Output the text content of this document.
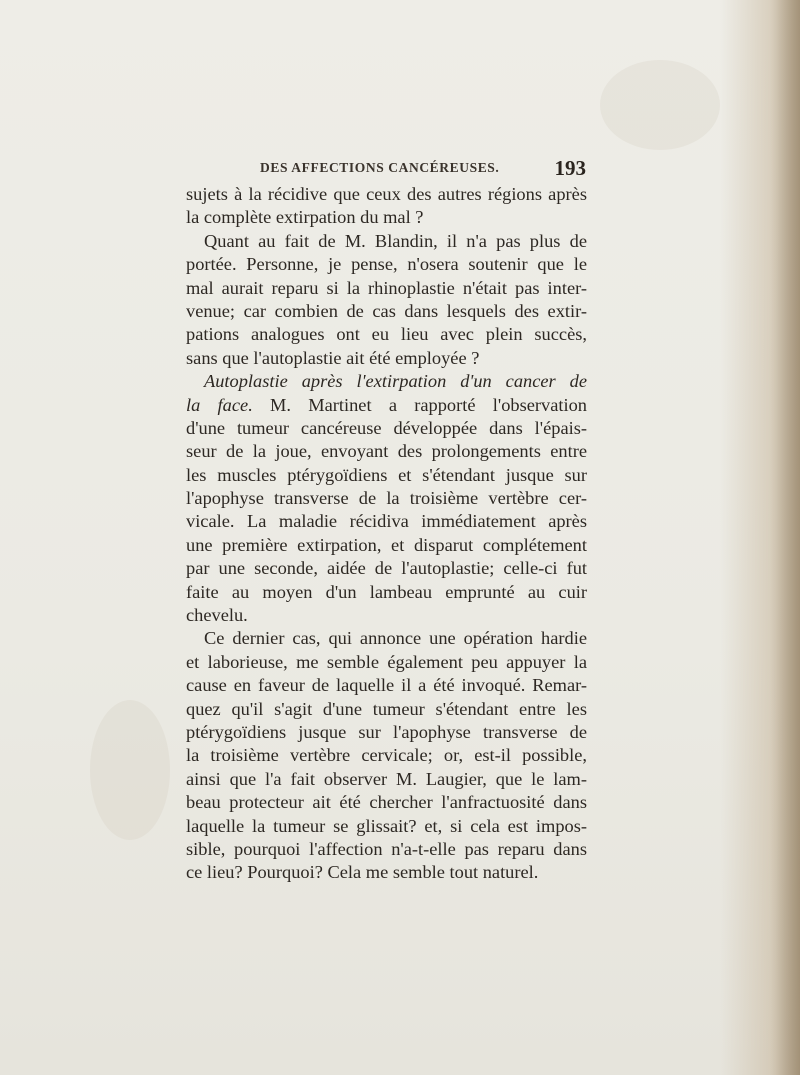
DES AFFECTIONS CANCÉREUSES.	193
sujets à la récidive que ceux des autres régions après
la complète extirpation du mal ?
Quant au fait de M. Blandin, il n'a pas plus de
portée. Personne, je pense, n'osera soutenir que le
mal aurait reparu si la rhinoplastie n'était pas inter-
venue; car combien de cas dans lesquels des extir-
pations analogues ont eu lieu avec plein succès,
sans que l'autoplastie ait été employée ?
Autoplastie après l'extirpation d'un cancer de
la face. M. Martinet a rapporté l'observation
d'une tumeur cancéreuse développée dans l'épais-
seur de la joue, envoyant des prolongements entre
les muscles ptérygoïdiens et s'étendant jusque sur
l'apophyse transverse de la troisième vertèbre cer-
vicale. La maladie récidiva immédiatement après
une première extirpation, et disparut complétement
par une seconde, aidée de l'autoplastie; celle-ci fut
faite au moyen d'un lambeau emprunté au cuir
chevelu.
Ce dernier cas, qui annonce une opération hardie
et laborieuse, me semble également peu appuyer la
cause en faveur de laquelle il a été invoqué. Remar-
quez qu'il s'agit d'une tumeur s'étendant entre les
ptérygoïdiens jusque sur l'apophyse transverse de
la troisième vertèbre cervicale; or, est-il possible,
ainsi que l'a fait observer M. Laugier, que le lam-
beau protecteur ait été chercher l'anfractuosité dans
laquelle la tumeur se glissait? et, si cela est impos-
sible, pourquoi l'affection n'a-t-elle pas reparu dans
ce lieu? Pourquoi? Cela me semble tout naturel.
